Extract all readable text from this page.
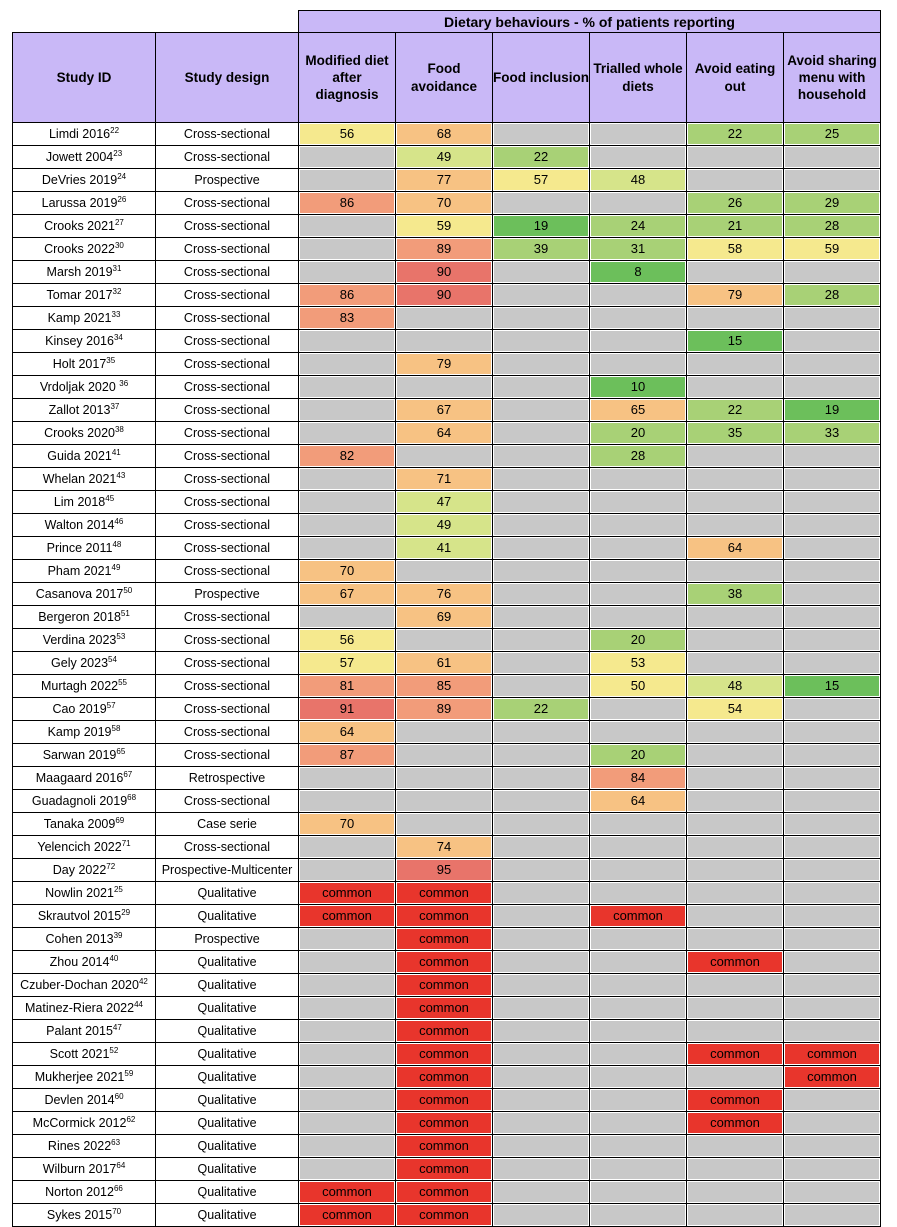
		Dietary behaviours - % of patients reporting					
Study ID	Study design	Modified diet after diagnosis	Food avoidance	Food inclusion	Trialled whole diets	Avoid eating out	Avoid sharing menu with household
Limdi 2016$^{22}$	Cross-sectional	56	68			22	25

Jowett 2004$^{23}$	Cross-sectional		49	22			

DeVries 2019$^{24}$	Prospective		77	57	48		

Larussa 2019$^{26}$	Cross-sectional	86	70			26	29

Crooks 2021$^{27}$	Cross-sectional		59	19	24	21	28

Crooks 2022$^{30}$	Cross-sectional		89	39	31	58	59

Marsh 2019$^{31}$	Cross-sectional		90		8		

Tomar 2017$^{32}$	Cross-sectional	86	90			79	28

Kamp 2021$^{33}$	Cross-sectional	83					

Kinsey 2016$^{34}$	Cross-sectional					15	

Holt 2017$^{35}$	Cross-sectional		79				

Vrdoljak 2020 $^{36}$	Cross-sectional				10		

Zallot 2013$^{37}$	Cross-sectional		67		65	22	19

Crooks 2020$^{38}$	Cross-sectional		64		20	35	33

Guida 2021$^{41}$	Cross-sectional	82			28		

Whelan 2021$^{43}$	Cross-sectional		71				

Lim 2018$^{45}$	Cross-sectional		47				

Walton 2014$^{46}$	Cross-sectional		49				

Prince 2011$^{48}$	Cross-sectional		41			64	

Pham 2021$^{49}$	Cross-sectional	70					

Casanova 2017$^{50}$	Prospective	67	76			38	

Bergeron 2018$^{51}$	Cross-sectional		69				

Verdina 2023$^{53}$	Cross-sectional	56			20		

Gely 2023$^{54}$	Cross-sectional	57	61		53		

Murtagh 2022$^{55}$	Cross-sectional	81	85		50	48	15

Cao 2019$^{57}$	Cross-sectional	91	89	22		54	

Kamp 2019$^{58}$	Cross-sectional	64					

Sarwan 2019$^{65}$	Cross-sectional	87			20		

Maagaard 2016$^{67}$	Retrospective				84		

Guadagnoli 2019$^{68}$	Cross-sectional				64		

Tanaka 2009$^{69}$	Case serie	70					

Yelencich 2022$^{71}$	Cross-sectional		74				

Day 2022$^{72}$	Prospective-Multicenter		95				

Nowlin 2021$^{25}$	Qualitative	common	common				

Skrautvol 2015$^{29}$	Qualitative	common	common		common		

Cohen 2013$^{39}$	Prospective		common				

Zhou 2014$^{40}$	Qualitative		common			common	

Czuber-Dochan 2020$^{42}$	Qualitative		common				

Matinez-Riera 2022$^{44}$	Qualitative		common				

Palant 2015$^{47}$	Qualitative		common				

Scott 2021$^{52}$	Qualitative		common			common	common

Mukherjee 2021$^{59}$	Qualitative		common				common

Devlen 2014$^{60}$	Qualitative		common			common	

McCormick 2012$^{62}$	Qualitative		common			common	

Rines 2022$^{63}$	Qualitative		common				

Wilburn 2017$^{64}$	Qualitative		common				

Norton 2012$^{66}$	Qualitative	common	common				

Sykes 2015$^{70}$	Qualitative	common	common				
